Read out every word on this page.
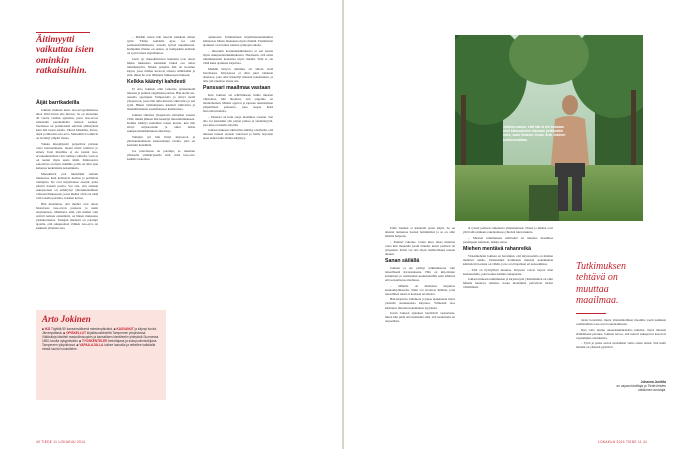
Äitimyytti vaikuttaa isien ominkin ratkaisuihin.
Äijät barrikadeilla

Jokinen mukaan koko tasa-arvopolitiikassa alkoi 2010-luvun alla murros. Se on haastanut 40 vuotta vanhan ajattelun, jossa tasa-arvoa edistetään parantamalla naisten asemaa. Suomessa on perinteisesti sellaisia yhdistyksiä kuin Isät lasten asialla, Vihreä Miesliike, Perus-Äijät ja Miesten tasa-arvo. Miesaktiivit toimivat on levinnyt ympäri maata.

Vaikka miesjärjestöt palpattivat piirtaan vasta internetaikana, monet niistä toimivat jo ennen. Uusi miesliike ei ole tuonut tasa-arvokeskusteluun vain vanhoja väitteitä, vaan se on tuonut myös uusia ääniä. Kiinnostava sanottavaa on myös miehille, joilla on ollut ajan kuluessa uudenlaisia kokemuksia.

Miesaktiivit ovat mielellään samoin tilanteessa kuin kohtaavat mediaa ja poliittisia toimijoita. Ne ovat kirjoittaneet esseitä, jotka pitävät naisten puolta. Vol olla, että samaan uskopuoleen on kehittynyt yhteiskunnallinen vahvaan liikkeeseen, jossa miehet eivät ole enää vain toisella puolella. Jokinen kertoo.

Hän muistuttaa, että miehet ovat olleet historiassa tasa-arvon puolesta ja usein etujoukoissa. Mielikuva siitä, että miehet vain estävät naisten etenemistä, on hänen mukaansa yksinkertaistus. Tutkijan mielestä on parempi ajatella, että sukupuolten välinen tasa-arvo on kaikkien yhteinen asia.

Arto Jokinen

■ IKÄ Täyttää 50 kansainvälisenä miestenpäivänä. ■ KASVANUT ja käynyt koulut Järvenpäässä. ■ OPISKELLUT kirjallisuustiedettä Tampereen yliopistossa. Väitöskirja käsitteli maskuliinisuuden ja kansallisen identiteetin yhteyksiä Suomessa 1800-luvulta nykypäivään. ■ TYÖSKENTELEE tiedottajana ja sukupuolentutkijana Tampereen yliopistossa. ■ VAPAA-AJALLA kulkee laavuilla ja retkeilee kaikkialla missä luonto houkuttelee.

– Pitkään lasten hän tekevät kaikkein eniten työtä. Yhden kohdalla kyse voi olla perheenelättämisestä, toisella työssä uupumisesta. Kumpikin tilanne on raskas, ja kumpaakin kohtaan on syytä tuntea myötätuntoa.

Jaarit ryt miesaktiivisten kuuntelu ovat olleet hänen mukaansa kuitenkin tärkeä osa omaa tutkimustyötä. Niiden pohjalta hän on koonnut kirjan, jossa miehet kertovat omasta elämästään ja siitä, miksi he ovat lähteneet liikkeeseen mukaan.

Kelkka kääntyi kahdesti

El Arto Jokinen ollut tarkoitus työskennellä miesten ja poikien ongelmien parissa. Hän aloitti ala-asteella opettajana Tampereella ja siirtyi sieltä yliopistoon, jossa hän tutki miesten väkivaltaa ja sen syitä. Hänen väitöskirjansa käsitteli väkivaltaa ja maskuliinisuutta suomalaisessa kulttuurissa.

Jokinen väittelee yliopistosta tohtoriksi vuonna 1990, minkä jälkeen hän keskittyi miestutkimukseen. Kelkka kääntyi kuitenkin toisen kerran, kun hän siirtyi kirjastoalalle ja alkoi tutkia sukupuolentutkimuksen aineistoja.

Tutkijan työ hän liittyi kirjastoon ja yhteiskunnalliseen keskusteluun tavalla, joka on kantanut hedelmää.

Jos tulevaisuus on parempi, se rakentuu yhteiselle ymmärrykselle siitä, mitä tasa-arvo kaikille tarkoittaa.

opinnoista. Feministinen kirjallisuudentutkimus kiinnostaa hänen mukaansa myös miehiä. Feministien ajatukset ovat tulleet tutuksi opintojen aikana.

– Innostuin koruuntutkimuksesta ja sen kautta myös sukupuolentutkimuksesta. Huomasin, että sama tutkimuskenttä koskettaa myös miehiä. Sillä ei ole väliä kuka ajatukset kirjoittaa.

Miehiin liittyvä tutkimus oli silloin vielä harvinaista. Kirjastossa ei ollut juuri lainkaan aineistoa, joka olisi käsitellyt miesten kokemuksia, ja aihe piti rakentaa alusta asti.

Panssari maailmaa vastaan

Kun Jokinen sai tehtäväkseen tutkia miesten väkivaltaa, hän huomasi, että ongelma on monitahoinen. Miehet oppivat jo lapsena rakentamaan ympärilleen panssaria, joka suojaa heitä haavoittuvuudelta.

– Panssari on kuin suoja maailmaa vastaan. Sen alla voi kuitenkin olla paljon pelkoa ja yksinäisyyttä, jota mies ei uskalla näyttää.

Jokisen mukaan väkivallan ehkäisy edellyttää, että miesten tunteet otetaan vakavasti ja heille tarjotaan apua ennen kuin tilanne kärjistyy.

Jokinen sanoo, että hän ei ole koskaan ollut kiinnostunut olemaan pelkästään mies, vaan ihminen. Kuva: Arto Jokinen kotikonnuillaan.

Endä Jokinen ei käsitteitä jaaret käytä. Se on alkanut tunnustaa itsensä feministiksi ja se on ollut hänelle helpotus.

– Pannari rakoilee. Usein mies alkaa muuttua vasta kun menettää jotain tärkeää, kuten perheen tai työpaikan. Kriisi voi olla myös mahdollisuus uuteen alkuun.

Sanan säilällä

Jokinen ei ole pitänyt tutkimuksesta vain tieteellisenä harrastuksena. Hän on kirjoittanut kolumneja ja osallistunut keskusteluihin sekä lehdissä että sosiaalisessa mediassa.

– Minulle on mieluisaa kirjoittaa kaunokirjallisuutta. Siinä voi tavoittaa ihmisiä, joita tieteellinen teksti ei koskaan tavoittaisi.

Hän kirjoittaa väliaikoja ja jakaa ajatuksiaan myös yleisölle suunnatuissa kirjoissa. Viimeisin teos käsittelee miesten kokemuksia isyydestä.

Usein Jokisen ajatukset herättävät vastustusta, mutta hän pitää sitä merkkinä siitä, että keskustelu on tarpeellista.

tä työssä perheen vaikutusta yhteiskuntaan. Naiset ja miehet ovat yhtä lailla mukana rakentamassa yhteistä tulevaisuutta.

– Miesten tutkimuksen tehtävänä on muuttaa maailmaa parempaan suuntaan, tutkija sanoo.

Miehen mentävä rahanreikä

Virkamiehenä Jokinen on havainnut, että kirjastoalalla on miehen mentävä aukko. Esimerkiksi kotimaisia miesten kokemuksia käsitteleviä teoksia on vähän, ja ne ovat hajallaan eri kokoelmissa.

– Tätä on hyödyllistä muuttaa. Kirjastot voivat tarjota tilan keskustelulle, joka koskee kaikkia sukupuolia.

Jokisen mukaan tutkimuksen ja kirjastotyön yhdistäminen on ollut hänelle luonteva ratkaisu, koska molemmat palvelevat tiedon välittämistä.

Tutkimuksen tehtävä on muuttaa maailmaa.

tiedot tiedettäisi, mutta yhteismitallinen maailma vaatii kaikkien osallistumista tasa-arvon rakentamiseen.

Kun valta tuntuu oikeudenmukaiselta kaikista, myös miesten elämänlaatu paranee. Jokinen toivoo, että tulevat sukupolvet kasvavat vapaampina odotuksista.

– Tyttö ja poika saavat molemmat valita oman tiensä. Sitä kohti meidän on yhdessä pyrittävä.

Johanna Junttila
on vapaa toimittaja ja Tiede-lehden vakituinen avustaja.
40 TIEDE 11 LOKAKUU 2014	LOKAKUU 2014 TIEDE 11 41
